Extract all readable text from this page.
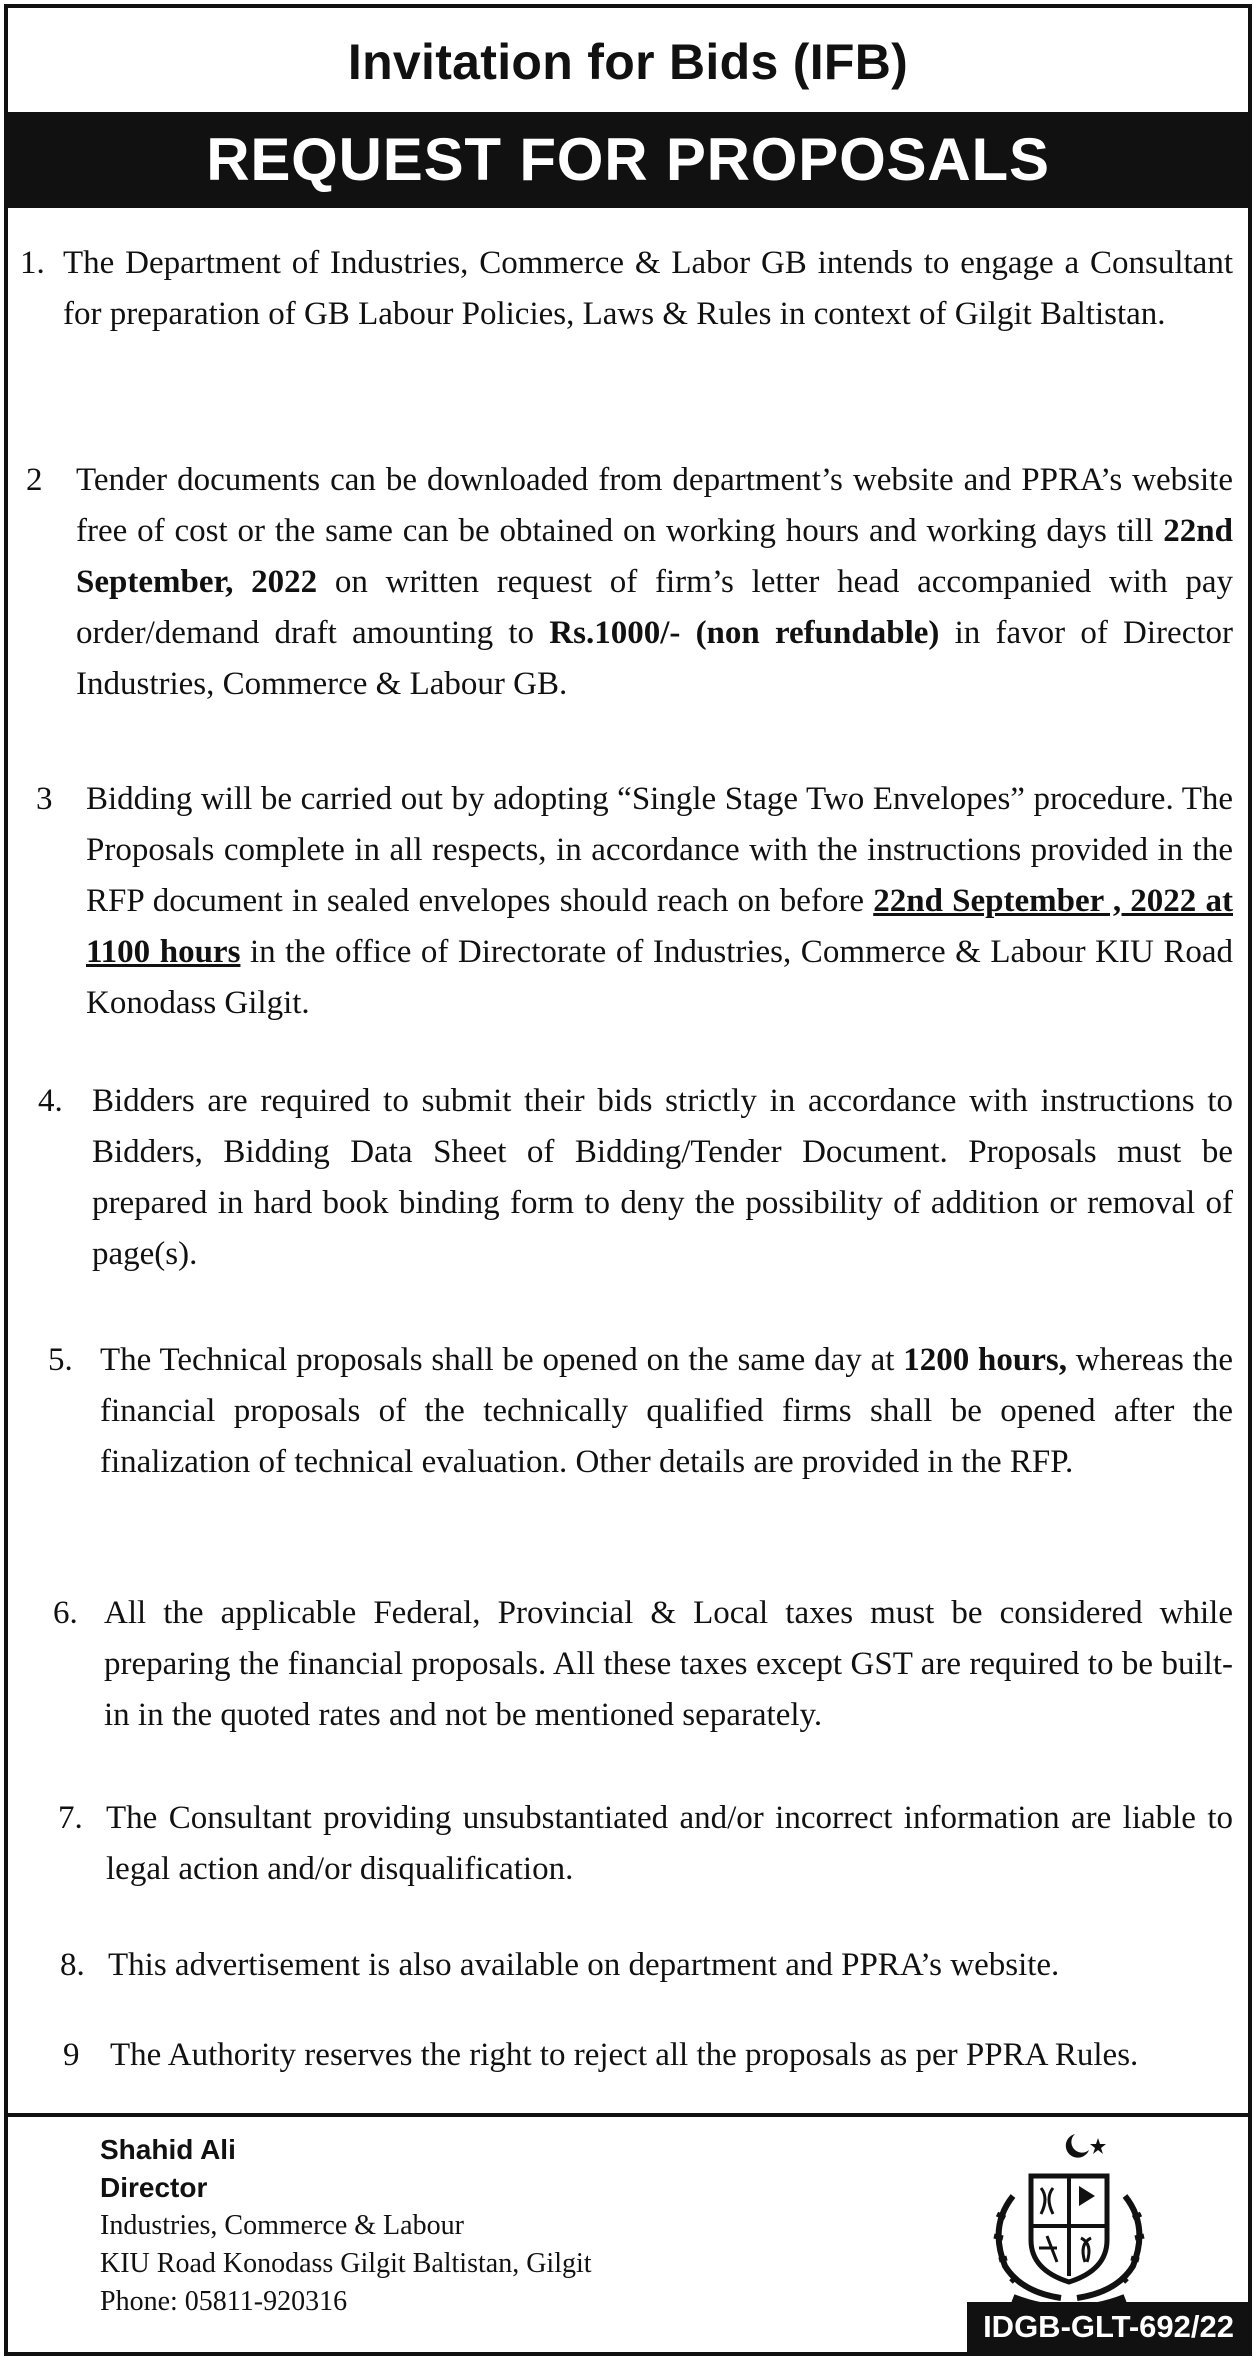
Invitation for Bids (IFB)
REQUEST FOR PROPOSALS
1. The Department of Industries, Commerce & Labor GB intends to engage a Consultant for preparation of GB Labour Policies, Laws & Rules in context of Gilgit Baltistan.
2 Tender documents can be downloaded from department’s website and PPRA’s website free of cost or the same can be obtained on working hours and working days till 22nd September, 2022 on written request of firm’s letter head accompanied with pay order/demand draft amounting to Rs.1000/- (non refundable) in favor of Director Industries, Commerce & Labour GB.
3 Bidding will be carried out by adopting “Single Stage Two Envelopes” procedure. The Proposals complete in all respects, in accordance with the instructions provided in the RFP document in sealed envelopes should reach on before 22nd September , 2022 at 1100 hours in the office of Directorate of Industries, Commerce & Labour KIU Road Konodass Gilgit.
4. Bidders are required to submit their bids strictly in accordance with instructions to Bidders, Bidding Data Sheet of Bidding/Tender Document. Proposals must be prepared in hard book binding form to deny the possibility of addition or removal of page(s).
5. The Technical proposals shall be opened on the same day at 1200 hours, whereas the financial proposals of the technically qualified firms shall be opened after the finalization of technical evaluation. Other details are provided in the RFP.
6. All the applicable Federal, Provincial & Local taxes must be considered while preparing the financial proposals. All these taxes except GST are required to be built-in in the quoted rates and not be mentioned separately.
7. The Consultant providing unsubstantiated and/or incorrect information are liable to legal action and/or disqualification.
8. This advertisement is also available on department and PPRA’s website.
9 The Authority reserves the right to reject all the proposals as per PPRA Rules.
Shahid Ali
Director
Industries, Commerce & Labour
KIU Road Konodass Gilgit Baltistan, Gilgit
Phone: 05811-920316
IDGB-GLT-692/22
